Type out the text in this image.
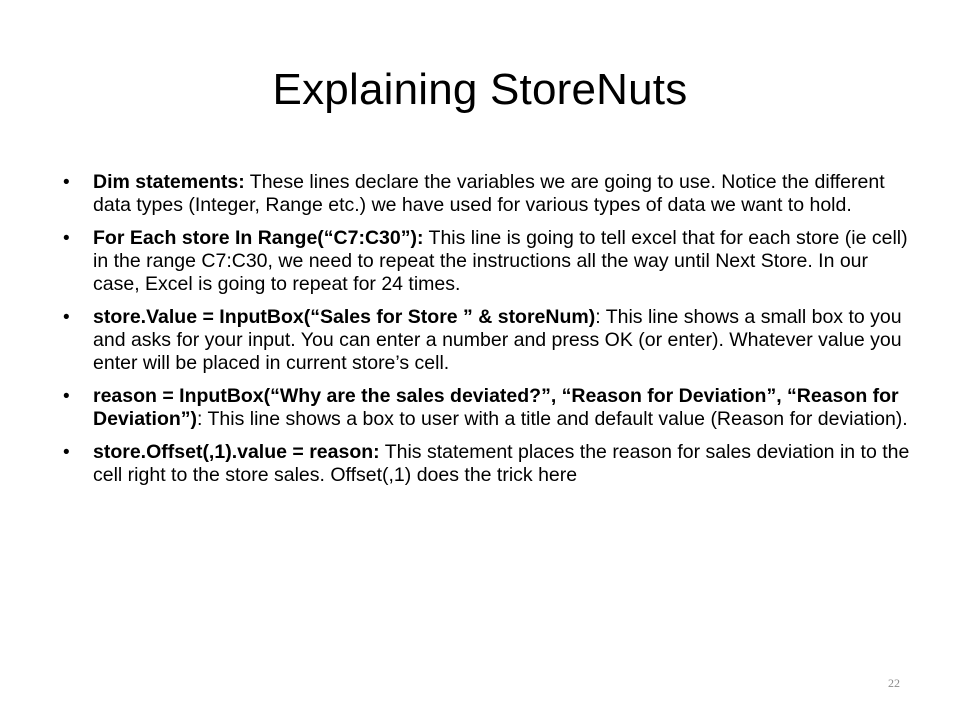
Explaining StoreNuts
• Dim statements: These lines declare the variables we are going to use. Notice the different data types (Integer, Range etc.) we have used for various types of data we want to hold.
• For Each store In Range(“C7:C30”): This line is going to tell excel that for each store (ie cell) in the range C7:C30, we need to repeat the instructions all the way until Next Store. In our case, Excel is going to repeat for 24 times.
• store.Value = InputBox(“Sales for Store ” & storeNum): This line shows a small box to you and asks for your input. You can enter a number and press OK (or enter). Whatever value you enter will be placed in current store’s cell.
• reason = InputBox(“Why are the sales deviated?”, “Reason for Deviation”, “Reason for Deviation”): This line shows a box to user with a title and default value (Reason for deviation).
• store.Offset(,1).value = reason: This statement places the reason for sales deviation in to the cell right to the store sales. Offset(,1) does the trick here
22
